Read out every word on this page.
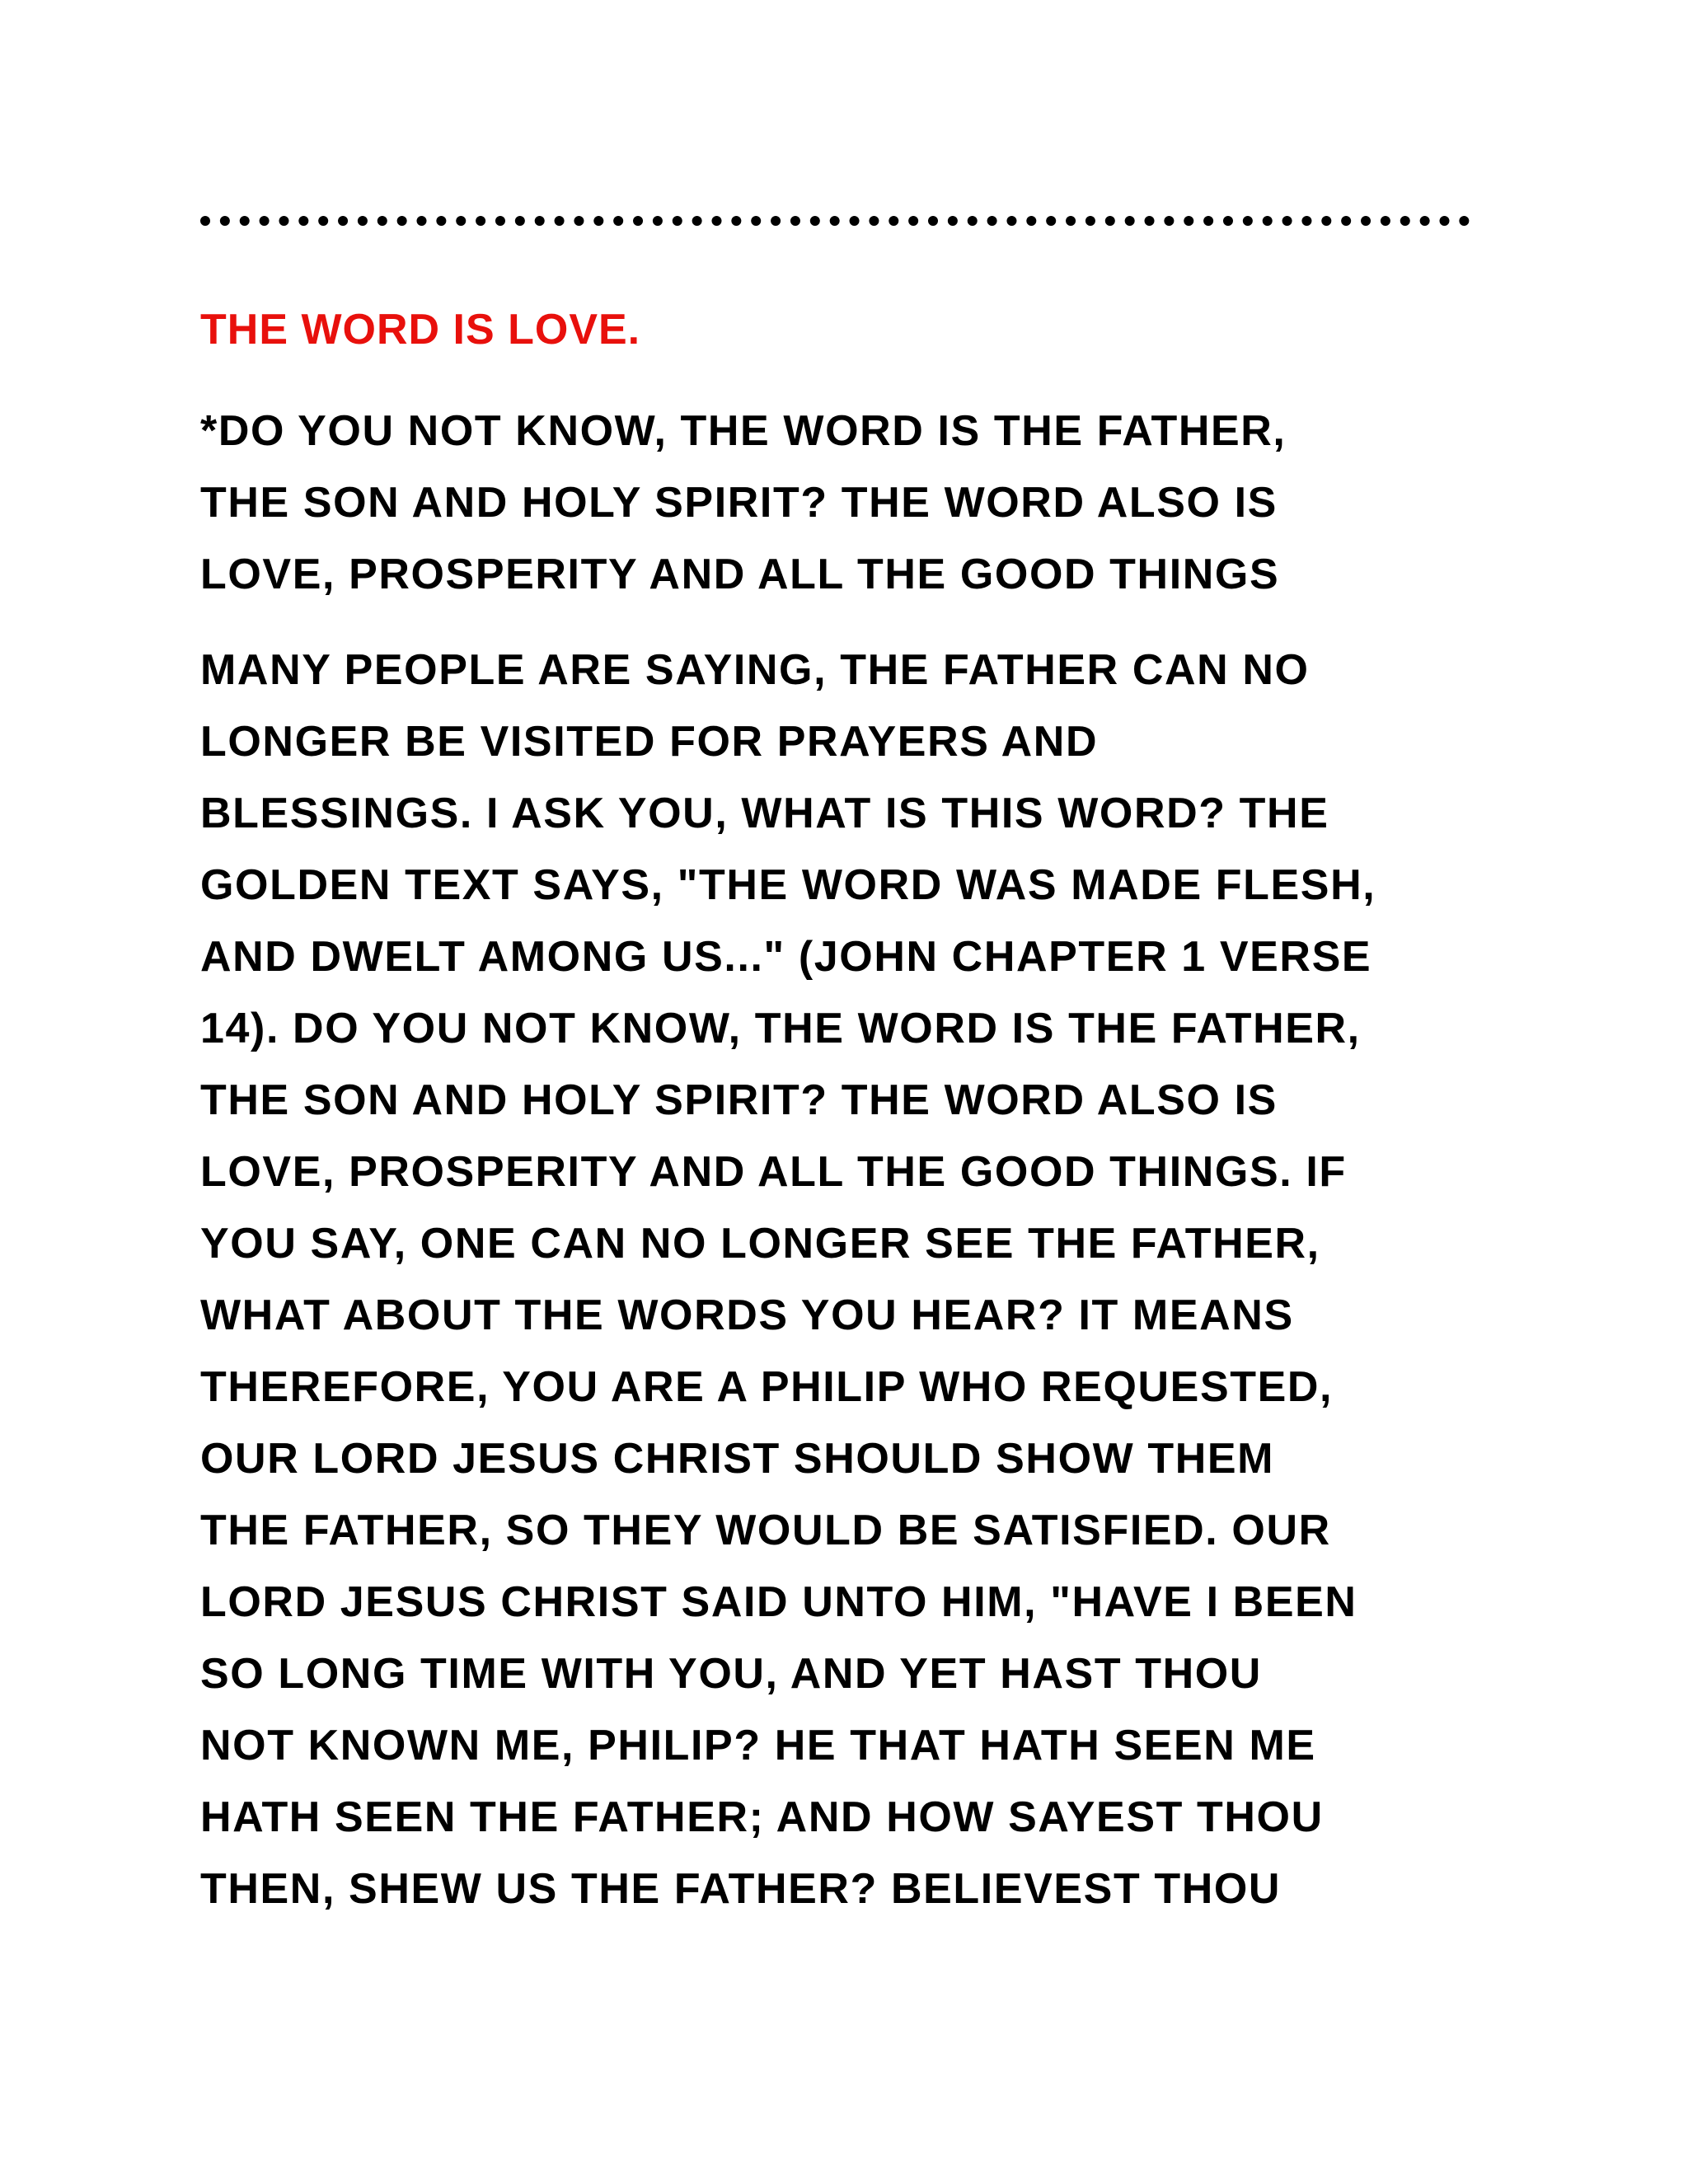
THE WORD IS LOVE.
*DO YOU NOT KNOW, THE WORD IS THE FATHER,
THE SON AND HOLY SPIRIT? THE WORD ALSO IS
LOVE, PROSPERITY AND ALL THE GOOD THINGS
MANY PEOPLE ARE SAYING, THE FATHER CAN NO
LONGER BE VISITED FOR PRAYERS AND
BLESSINGS. I ASK YOU, WHAT IS THIS WORD? THE
GOLDEN TEXT SAYS, "THE WORD WAS MADE FLESH,
AND DWELT AMONG US..." (JOHN CHAPTER 1 VERSE
14). DO YOU NOT KNOW, THE WORD IS THE FATHER,
THE SON AND HOLY SPIRIT? THE WORD ALSO IS
LOVE, PROSPERITY AND ALL THE GOOD THINGS. IF
YOU SAY, ONE CAN NO LONGER SEE THE FATHER,
WHAT ABOUT THE WORDS YOU HEAR? IT MEANS
THEREFORE, YOU ARE A PHILIP WHO REQUESTED,
OUR LORD JESUS CHRIST SHOULD SHOW THEM
THE FATHER, SO THEY WOULD BE SATISFIED. OUR
LORD JESUS CHRIST SAID UNTO HIM, "HAVE I BEEN
SO LONG TIME WITH YOU, AND YET HAST THOU
NOT KNOWN ME, PHILIP? HE THAT HATH SEEN ME
HATH SEEN THE FATHER; AND HOW SAYEST THOU
THEN, SHEW US THE FATHER? BELIEVEST THOU
